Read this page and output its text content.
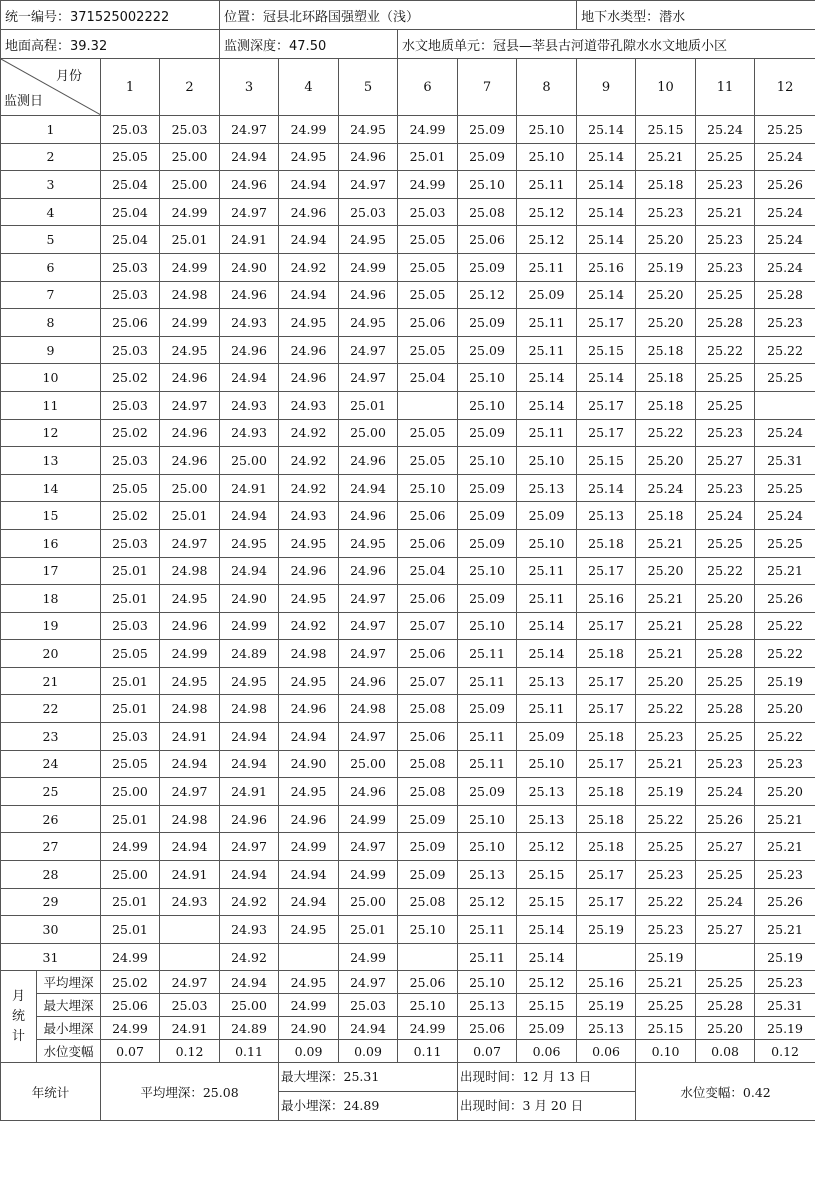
统一编号：371525002222				位置：冠县北环路国强塑业（浅）						地下水类型：潜水			
地面高程：39.32				监测深度：47.50			水文地质单元：冠县—莘县古河道带孔隙水水文地质小区						

月份
监测日		1	2	3	4	5	6	7	8	9	10	11	12
1		25.03	25.03	24.97	24.99	24.95	24.99	25.09	25.10	25.14	25.15	25.24	25.25
2		25.05	25.00	24.94	24.95	24.96	25.01	25.09	25.10	25.14	25.21	25.25	25.24
3		25.04	25.00	24.96	24.94	24.97	24.99	25.10	25.11	25.14	25.18	25.23	25.26
4		25.04	24.99	24.97	24.96	25.03	25.03	25.08	25.12	25.14	25.23	25.21	25.24
5		25.04	25.01	24.91	24.94	24.95	25.05	25.06	25.12	25.14	25.20	25.23	25.24
6		25.03	24.99	24.90	24.92	24.99	25.05	25.09	25.11	25.16	25.19	25.23	25.24
7		25.03	24.98	24.96	24.94	24.96	25.05	25.12	25.09	25.14	25.20	25.25	25.28
8		25.06	24.99	24.93	24.95	24.95	25.06	25.09	25.11	25.17	25.20	25.28	25.23
9		25.03	24.95	24.96	24.96	24.97	25.05	25.09	25.11	25.15	25.18	25.22	25.22
10		25.02	24.96	24.94	24.96	24.97	25.04	25.10	25.14	25.14	25.18	25.25	25.25
11		25.03	24.97	24.93	24.93	25.01		25.10	25.14	25.17	25.18	25.25	
12		25.02	24.96	24.93	24.92	25.00	25.05	25.09	25.11	25.17	25.22	25.23	25.24
13		25.03	24.96	25.00	24.92	24.96	25.05	25.10	25.10	25.15	25.20	25.27	25.31
14		25.05	25.00	24.91	24.92	24.94	25.10	25.09	25.13	25.14	25.24	25.23	25.25
15		25.02	25.01	24.94	24.93	24.96	25.06	25.09	25.09	25.13	25.18	25.24	25.24
16		25.03	24.97	24.95	24.95	24.95	25.06	25.09	25.10	25.18	25.21	25.25	25.25
17		25.01	24.98	24.94	24.96	24.96	25.04	25.10	25.11	25.17	25.20	25.22	25.21
18		25.01	24.95	24.90	24.95	24.97	25.06	25.09	25.11	25.16	25.21	25.20	25.26
19		25.03	24.96	24.99	24.92	24.97	25.07	25.10	25.14	25.17	25.21	25.28	25.22
20		25.05	24.99	24.89	24.98	24.97	25.06	25.11	25.14	25.18	25.21	25.28	25.22
21		25.01	24.95	24.95	24.95	24.96	25.07	25.11	25.13	25.17	25.20	25.25	25.19
22		25.01	24.98	24.98	24.96	24.98	25.08	25.09	25.11	25.17	25.22	25.28	25.20
23		25.03	24.91	24.94	24.94	24.97	25.06	25.11	25.09	25.18	25.23	25.25	25.22
24		25.05	24.94	24.94	24.90	25.00	25.08	25.11	25.10	25.17	25.21	25.23	25.23
25		25.00	24.97	24.91	24.95	24.96	25.08	25.09	25.13	25.18	25.19	25.24	25.20
26		25.01	24.98	24.96	24.96	24.99	25.09	25.10	25.13	25.18	25.22	25.26	25.21
27		24.99	24.94	24.97	24.99	24.97	25.09	25.10	25.12	25.18	25.25	25.27	25.21
28		25.00	24.91	24.94	24.94	24.99	25.09	25.13	25.15	25.17	25.23	25.25	25.23
29		25.01	24.93	24.92	24.94	25.00	25.08	25.12	25.15	25.17	25.22	25.24	25.26
30		25.01		24.93	24.95	25.01	25.10	25.11	25.14	25.19	25.23	25.27	25.21
31		24.99		24.92		24.99		25.11	25.14		25.19		25.19

月
统
计	平均埋深	25.02	24.97	24.94	24.95	24.97	25.06	25.10	25.12	25.16	25.21	25.25	25.23
	最大埋深	25.06	25.03	25.00	24.99	25.03	25.10	25.13	25.15	25.19	25.25	25.28	25.31
	最小埋深	24.99	24.91	24.89	24.90	24.94	24.99	25.06	25.09	25.13	25.15	25.20	25.19
	水位变幅	0.07	0.12	0.11	0.09	0.09	0.11	0.07	0.06	0.06	0.10	0.08	0.12
年统计		平均埋深：25.08			最大埋深：25.31			出现时间：12 月 13 日			水位变幅：0.42		
					最小埋深：24.89			出现时间：3 月 20 日					
